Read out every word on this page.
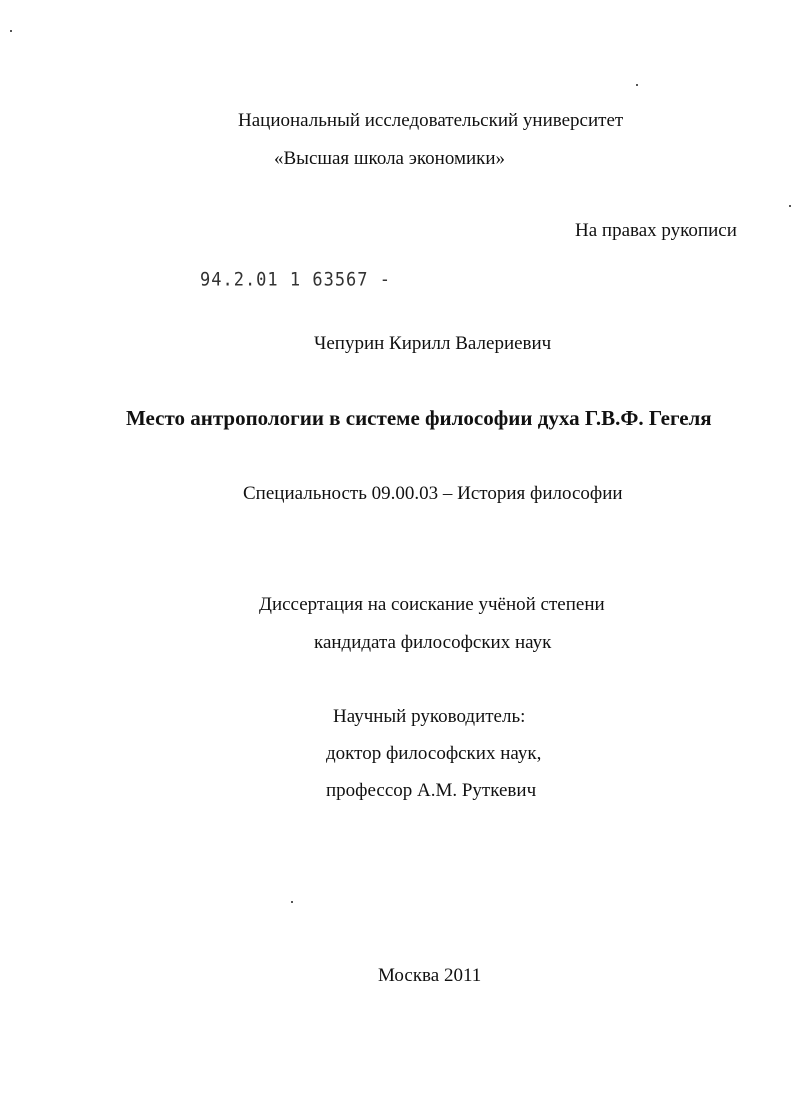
Национальный исследовательский университет
«Высшая школа экономики»
На правах рукописи
94.2.01 1 63567 -
Чепурин Кирилл Валериевич
Место антропологии в системе философии духа Г.В.Ф. Гегеля
Специальность 09.00.03 – История философии
Диссертация на соискание учёной степени
кандидата философских наук
Научный руководитель:
доктор философских наук,
профессор А.М. Руткевич
Москва 2011
